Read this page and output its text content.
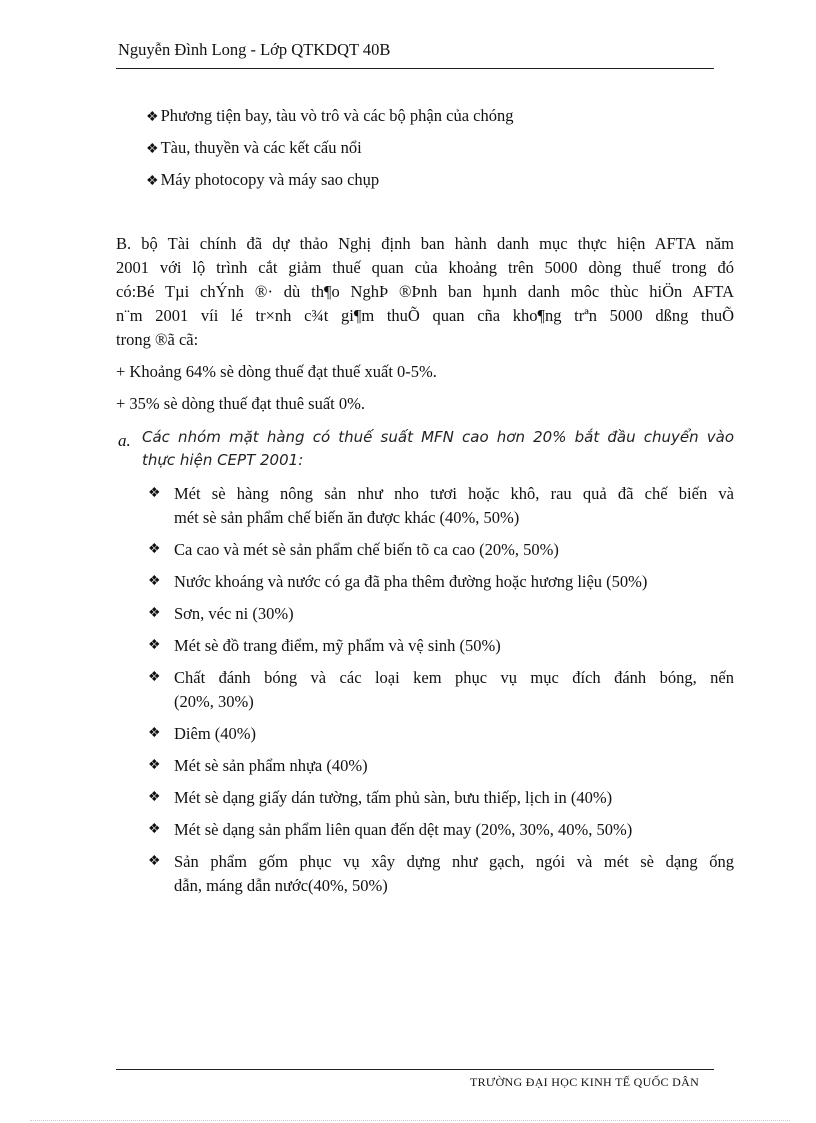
Nguyễn Đình Long - Lớp QTKDQT 40B
❖ Phương tiện bay, tàu vò trô và các bộ phận của chóng
❖ Tàu, thuyền và các kết cấu nổi
❖ Máy photocopy và máy sao chụp
B. bộ Tài chính đã dự thảo Nghị định ban hành danh mục thực hiện AFTA năm
2001 với lộ trình cắt giảm thuế quan của khoảng trên 5000 dòng thuế trong đó
có:Bé Tµi chÝnh ®· dù th¶o NghÞ ®Þnh ban hµnh danh môc thùc hiÖn AFTA
n¨m 2001 víi lé tr×nh c¾t gi¶m thuÕ quan cña kho¶ng trªn 5000 dßng thuÕ
trong ®ã cã:
+ Khoảng 64% sè dòng thuế đạt thuế xuất 0-5%.
+ 35% sè dòng thuế đạt thuê suất 0%.
a. Các nhóm mặt hàng có thuế suất MFN cao hơn 20% bắt đầu chuyển vào
thực hiện CEPT 2001:
❖ Mét sè hàng nông sản như nho tươi hoặc khô, rau quả đã chế biến và
mét sè sản phẩm chế biến ăn được khác (40%, 50%)
❖ Ca cao và mét sè sản phẩm chế biến tõ ca cao (20%, 50%)
❖ Nước khoáng và nước có ga đã pha thêm đường hoặc hương liệu (50%)
❖ Sơn, véc ni (30%)
❖ Mét sè đồ trang điểm, mỹ phẩm và vệ sinh (50%)
❖ Chất đánh bóng và các loại kem phục vụ mục đích đánh bóng, nến
(20%, 30%)
❖ Diêm (40%)
❖ Mét sè sản phẩm nhựa (40%)
❖ Mét sè dạng giấy dán tường, tấm phủ sàn, bưu thiếp, lịch in (40%)
❖ Mét sè dạng sản phẩm liên quan đến dệt may (20%, 30%, 40%, 50%)
❖ Sản phẩm gốm phục vụ xây dựng như gạch, ngói và mét sè dạng ống
dẫn, máng dẫn nước(40%, 50%)
TRƯỜNG ĐẠI HỌC KINH TẾ QUỐC DÂN
